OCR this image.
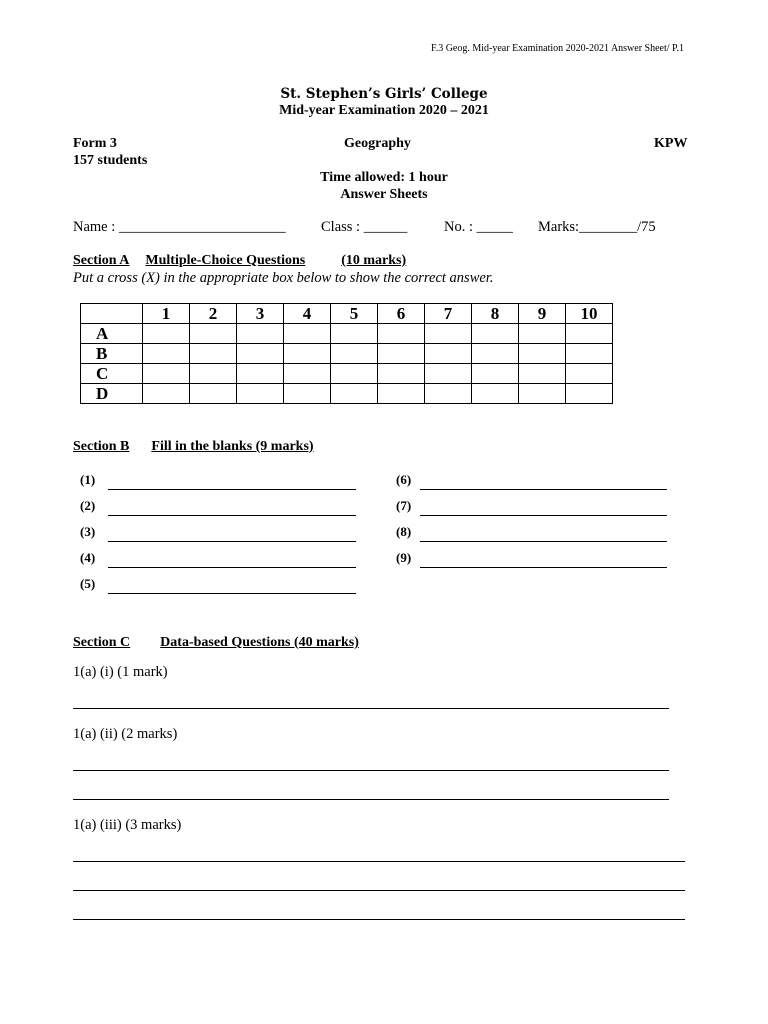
F.3 Geog. Mid-year Examination 2020-2021 Answer Sheet/ P.1
St. Stephen’s Girls’ College
Mid-year Examination 2020 – 2021
Form 3
157 students
Geography	KPW
Time allowed: 1 hour
Answer Sheets
Name : _______________________ Class : ______	No. : _____ Marks:________/75
Section A Multiple-Choice Questions	(10 marks)
Put a cross (X) in the appropriate box below to show the correct answer.
	1	2	3	4	5	6	7	8	9	10
A										
B										
C										
D										
Section B Fill in the blanks (9 marks)
(1)
(2)
(3)
(4)
(5)
(6)
(7)
(8)
(9)
Section C Data-based Questions (40 marks)
1(a) (i) (1 mark)
1(a) (ii) (2 marks)
1(a) (iii) (3 marks)
